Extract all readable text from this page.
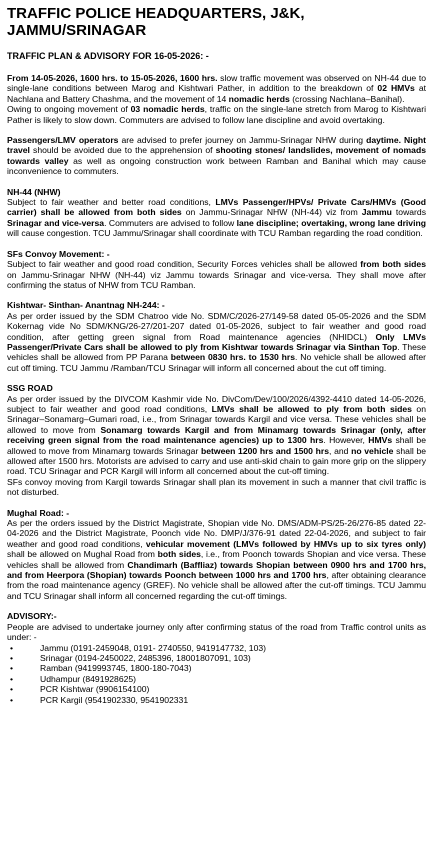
TRAFFIC POLICE HEADQUARTERS, J&K, JAMMU/SRINAGAR
TRAFFIC PLAN & ADVISORY FOR 16-05-2026: -
From 14-05-2026, 1600 hrs. to 15-05-2026, 1600 hrs. slow traffic movement was observed on NH-44 due to single-lane conditions between Marog and Kishtwari Pather, in addition to the breakdown of 02 HMVs at Nachlana and Battery Chashma, and the movement of 14 nomadic herds (crossing Nachlana–Banihal).
Owing to ongoing movement of 03 nomadic herds, traffic on the single-lane stretch from Marog to Kishtwari Pather is likely to slow down. Commuters are advised to follow lane discipline and avoid overtaking.
Passengers/LMV operators are advised to prefer journey on Jammu-Srinagar NHW during daytime. Night travel should be avoided due to the apprehension of shooting stones/ landslides, movement of nomads towards valley as well as ongoing construction work between Ramban and Banihal which may cause inconvenience to commuters.
NH-44 (NHW)
Subject to fair weather and better road conditions, LMVs Passenger/HPVs/ Private Cars/HMVs (Good carrier) shall be allowed from both sides on Jammu-Srinagar NHW (NH-44) viz from Jammu towards Srinagar and vice-versa. Commuters are advised to follow lane discipline; overtaking, wrong lane driving will cause congestion. TCU Jammu/Srinagar shall coordinate with TCU Ramban regarding the road condition.
SFs Convoy Movement: -
Subject to fair weather and good road condition, Security Forces vehicles shall be allowed from both sides on Jammu-Srinagar NHW (NH-44) viz Jammu towards Srinagar and vice-versa. They shall move after confirming the status of NHW from TCU Ramban.
Kishtwar- Sinthan- Anantnag NH-244: -
As per order issued by the SDM Chatroo vide No. SDM/C/2026-27/149-58 dated 05-05-2026 and the SDM Kokernag vide No SDM/KNG/26-27/201-207 dated 01-05-2026, subject to fair weather and good road condition, after getting green signal from Road maintenance agencies (NHIDCL) Only LMVs Passenger/Private Cars shall be allowed to ply from Kishtwar towards Srinagar via Sinthan Top. These vehicles shall be allowed from PP Parana between 0830 hrs. to 1530 hrs. No vehicle shall be allowed after cut off timing. TCU Jammu /Ramban/TCU Srinagar will inform all concerned about the cut off timing.
SSG ROAD
As per order issued by the DIVCOM Kashmir vide No. DivCom/Dev/100/2026/4392-4410 dated 14-05-2026, subject to fair weather and good road conditions, LMVs shall be allowed to ply from both sides on Srinagar–Sonamarg–Gumari road, i.e., from Srinagar towards Kargil and vice versa. These vehicles shall be allowed to move from Sonamarg towards Kargil and from Minamarg towards Srinagar (only, after receiving green signal from the road maintenance agencies) up to 1300 hrs. However, HMVs shall be allowed to move from Minamarg towards Srinagar between 1200 hrs and 1500 hrs, and no vehicle shall be allowed after 1500 hrs. Motorists are advised to carry and use anti-skid chain to gain more grip on the slippery road. TCU Srinagar and PCR Kargil will inform all concerned about the cut-off timing.
SFs convoy moving from Kargil towards Srinagar shall plan its movement in such a manner that civil traffic is not disturbed.
Mughal Road: -
As per the orders issued by the District Magistrate, Shopian vide No. DMS/ADM-PS/25-26/276-85 dated 22-04-2026 and the District Magistrate, Poonch vide No. DMP/J/376-91 dated 22-04-2026, and subject to fair weather and good road conditions, vehicular movement (LMVs followed by HMVs up to six tyres only) shall be allowed on Mughal Road from both sides, i.e., from Poonch towards Shopian and vice versa. These vehicles shall be allowed from Chandimarh (Baffliaz) towards Shopian between 0900 hrs and 1700 hrs, and from Heerpora (Shopian) towards Poonch between 1000 hrs and 1700 hrs, after obtaining clearance from the road maintenance agency (GREF). No vehicle shall be allowed after the cut-off timings. TCU Jammu and TCU Srinagar shall inform all concerned regarding the cut-off timings.
ADVISORY:-
People are advised to undertake journey only after confirming status of the road from Traffic control units as under: -
•	Jammu (0191-2459048, 0191- 2740550, 9419147732, 103)
•	Srinagar (0194-2450022, 2485396, 18001807091, 103)
•	Ramban (9419993745, 1800-180-7043)
•	Udhampur (8491928625)
•	PCR Kishtwar (9906154100)
•	PCR Kargil (9541902330, 9541902331
